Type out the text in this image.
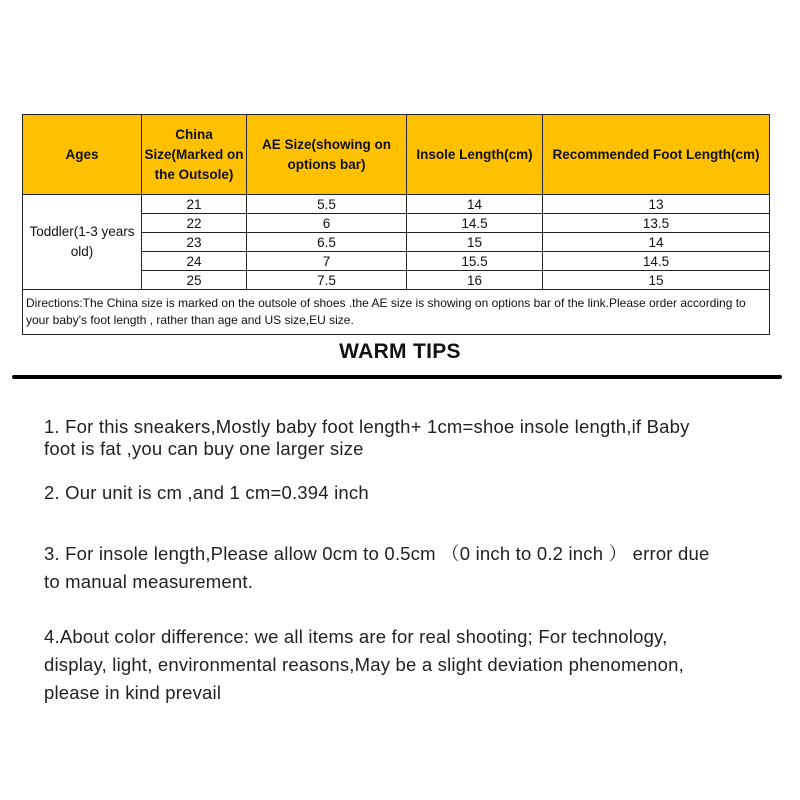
Ages	China Size(Marked on the Outsole)	AE Size(showing on options bar)	Insole Length(cm)	Recommended Foot Length(cm)
Toddler(1-3 years old)	21	5.5	14	13
	22	6	14.5	13.5
	23	6.5	15	14
	24	7	15.5	14.5
	25	7.5	16	15
Directions:The China size is marked on the outsole of shoes .the AE size is showing on options bar of the link.Please order according to your baby's foot length , rather than age and US size,EU size.				
WARM TIPS
1. For this sneakers,Mostly baby foot length+ 1cm=shoe insole length,if Baby foot is fat ,you can buy one larger size
2. Our unit is cm ,and 1 cm=0.394 inch
3. For insole length,Please allow 0cm to 0.5cm （0 inch to 0.2 inch ） error due to manual measurement.
4.About color difference: we all items are for real shooting; For technology, display, light, environmental reasons,May be a slight deviation phenomenon, please in kind prevail
